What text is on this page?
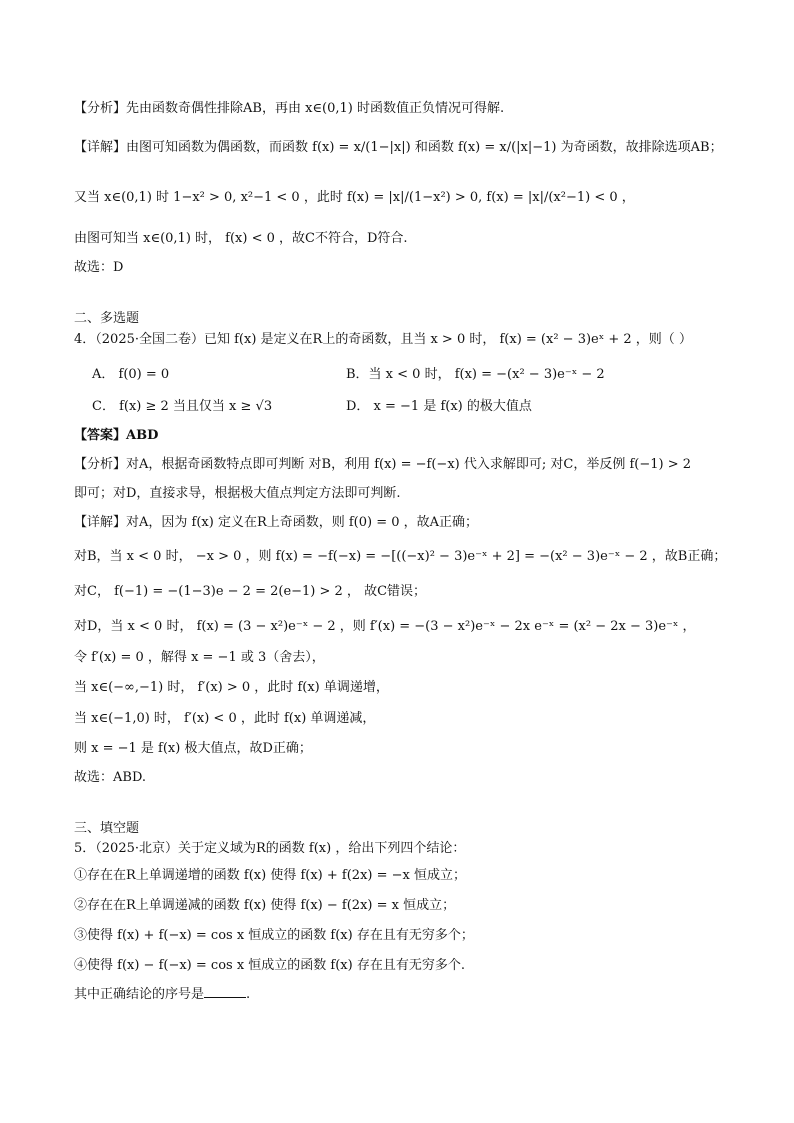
【分析】先由函数奇偶性排除AB，再由 x∈(0,1) 时函数值正负情况可得解.
【详解】由图可知函数为偶函数，而函数 f(x) = x/(1−|x|) 和函数 f(x) = x/(|x|−1) 为奇函数，故排除选项AB；
又当 x∈(0,1) 时 1−x² > 0, x²−1 < 0 ，此时 f(x) = |x|/(1−x²) > 0, f(x) = |x|/(x²−1) < 0 ，
由图可知当 x∈(0,1) 时， f(x) < 0 ，故C不符合，D符合.
故选：D
二、多选题
4．（2025·全国二卷）已知 f(x) 是定义在R上的奇函数，且当 x > 0 时， f(x) = (x² − 3)eˣ + 2 ，则（ ）
A． f(0) = 0	B．当 x < 0 时， f(x) = −(x² − 3)e⁻ˣ − 2
C． f(x) ≥ 2 当且仅当 x ≥ √3	D． x = −1 是 f(x) 的极大值点
【答案】ABD
【分析】对A，根据奇函数特点即可判断 对B，利用 f(x) = −f(−x) 代入求解即可; 对C，举反例 f(−1) > 2
即可；对D，直接求导，根据极大值点判定方法即可判断.
【详解】对A，因为 f(x) 定义在R上奇函数，则 f(0) = 0 ，故A正确；
对B，当 x < 0 时， −x > 0 ，则 f(x) = −f(−x) = −[((−x)² − 3)e⁻ˣ + 2] = −(x² − 3)e⁻ˣ − 2 ，故B正确；
对C， f(−1) = −(1−3)e − 2 = 2(e−1) > 2 ， 故C错误；
对D，当 x < 0 时， f(x) = (3 − x²)e⁻ˣ − 2 ，则 f′(x) = −(3 − x²)e⁻ˣ − 2x e⁻ˣ = (x² − 2x − 3)e⁻ˣ ，
令 f′(x) = 0 ，解得 x = −1 或 3（舍去），
当 x∈(−∞,−1) 时， f′(x) > 0 ，此时 f(x) 单调递增，
当 x∈(−1,0) 时， f′(x) < 0 ，此时 f(x) 单调递减，
则 x = −1 是 f(x) 极大值点，故D正确；
故选：ABD.
三、填空题
5．（2025·北京）关于定义域为R的函数 f(x) ，给出下列四个结论：
①存在在R上单调递增的函数 f(x) 使得 f(x) + f(2x) = −x 恒成立；
②存在在R上单调递减的函数 f(x) 使得 f(x) − f(2x) = x 恒成立；
③使得 f(x) + f(−x) = cos x 恒成立的函数 f(x) 存在且有无穷多个；
④使得 f(x) − f(−x) = cos x 恒成立的函数 f(x) 存在且有无穷多个.
其中正确结论的序号是	.
